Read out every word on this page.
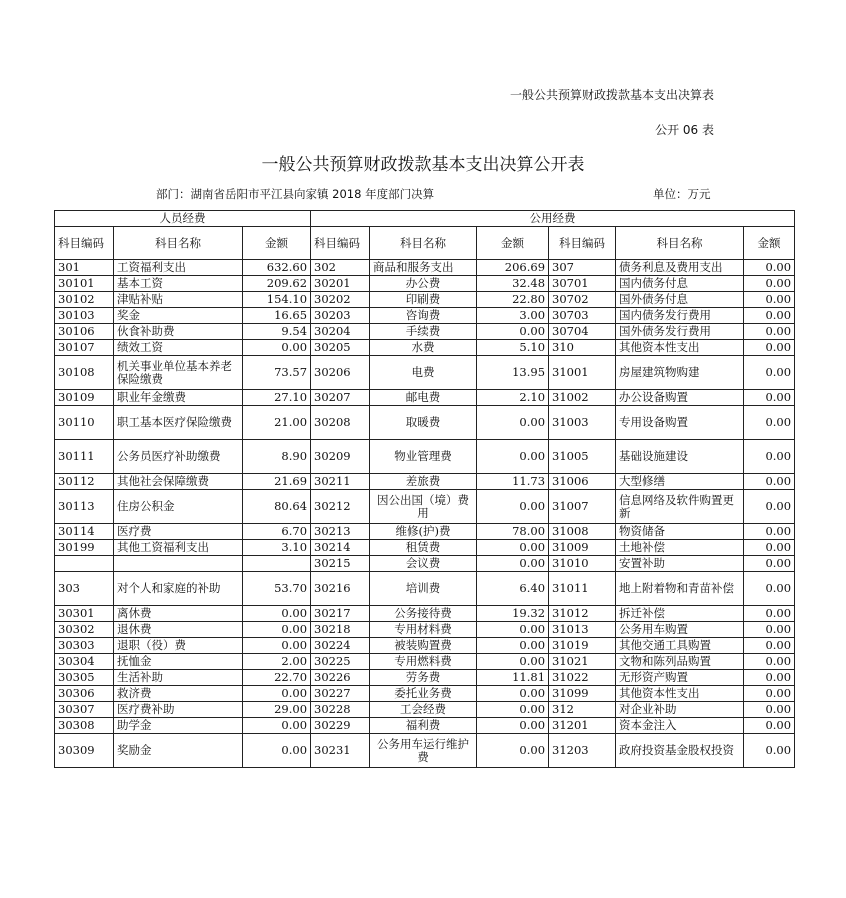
一般公共预算财政拨款基本支出决算表
公开 06 表
一般公共预算财政拨款基本支出决算公开表
部门：湖南省岳阳市平江县向家镇 2018 年度部门决算	单位：万元
人员经费			公用经费					
科目编码	科目名称	金额	科目编码	科目名称	金额	科目编码	科目名称	金额
301	工资福利支出	632.60	302	商品和服务支出	206.69	307	债务利息及费用支出	0.00
30101	基本工资	209.62	30201	办公费	32.48	30701	国内债务付息	0.00
30102	津贴补贴	154.10	30202	印刷费	22.80	30702	国外债务付息	0.00
30103	奖金	16.65	30203	咨询费	3.00	30703	国内债务发行费用	0.00
30106	伙食补助费	9.54	30204	手续费	0.00	30704	国外债务发行费用	0.00
30107	绩效工资	0.00	30205	水费	5.10	310	其他资本性支出	0.00
30108	机关事业单位基本养老保险缴费	73.57	30206	电费	13.95	31001	房屋建筑物购建	0.00
30109	职业年金缴费	27.10	30207	邮电费	2.10	31002	办公设备购置	0.00
30110	职工基本医疗保险缴费	21.00	30208	取暖费	0.00	31003	专用设备购置	0.00
30111	公务员医疗补助缴费	8.90	30209	物业管理费	0.00	31005	基础设施建设	0.00
30112	其他社会保障缴费	21.69	30211	差旅费	11.73	31006	大型修缮	0.00
30113	住房公积金	80.64	30212	因公出国（境）费用	0.00	31007	信息网络及软件购置更新	0.00
30114	医疗费	6.70	30213	维修(护)费	78.00	31008	物资储备	0.00
30199	其他工资福利支出	3.10	30214	租赁费	0.00	31009	土地补偿	0.00
			30215	会议费	0.00	31010	安置补助	0.00
303	对个人和家庭的补助	53.70	30216	培训费	6.40	31011	地上附着物和青苗补偿	0.00
30301	离休费	0.00	30217	公务接待费	19.32	31012	拆迁补偿	0.00
30302	退休费	0.00	30218	专用材料费	0.00	31013	公务用车购置	0.00
30303	退职（役）费	0.00	30224	被装购置费	0.00	31019	其他交通工具购置	0.00
30304	抚恤金	2.00	30225	专用燃料费	0.00	31021	文物和陈列品购置	0.00
30305	生活补助	22.70	30226	劳务费	11.81	31022	无形资产购置	0.00
30306	救济费	0.00	30227	委托业务费	0.00	31099	其他资本性支出	0.00
30307	医疗费补助	29.00	30228	工会经费	0.00	312	对企业补助	0.00
30308	助学金	0.00	30229	福利费	0.00	31201	资本金注入	0.00
30309	奖励金	0.00	30231	公务用车运行维护费	0.00	31203	政府投资基金股权投资	0.00
